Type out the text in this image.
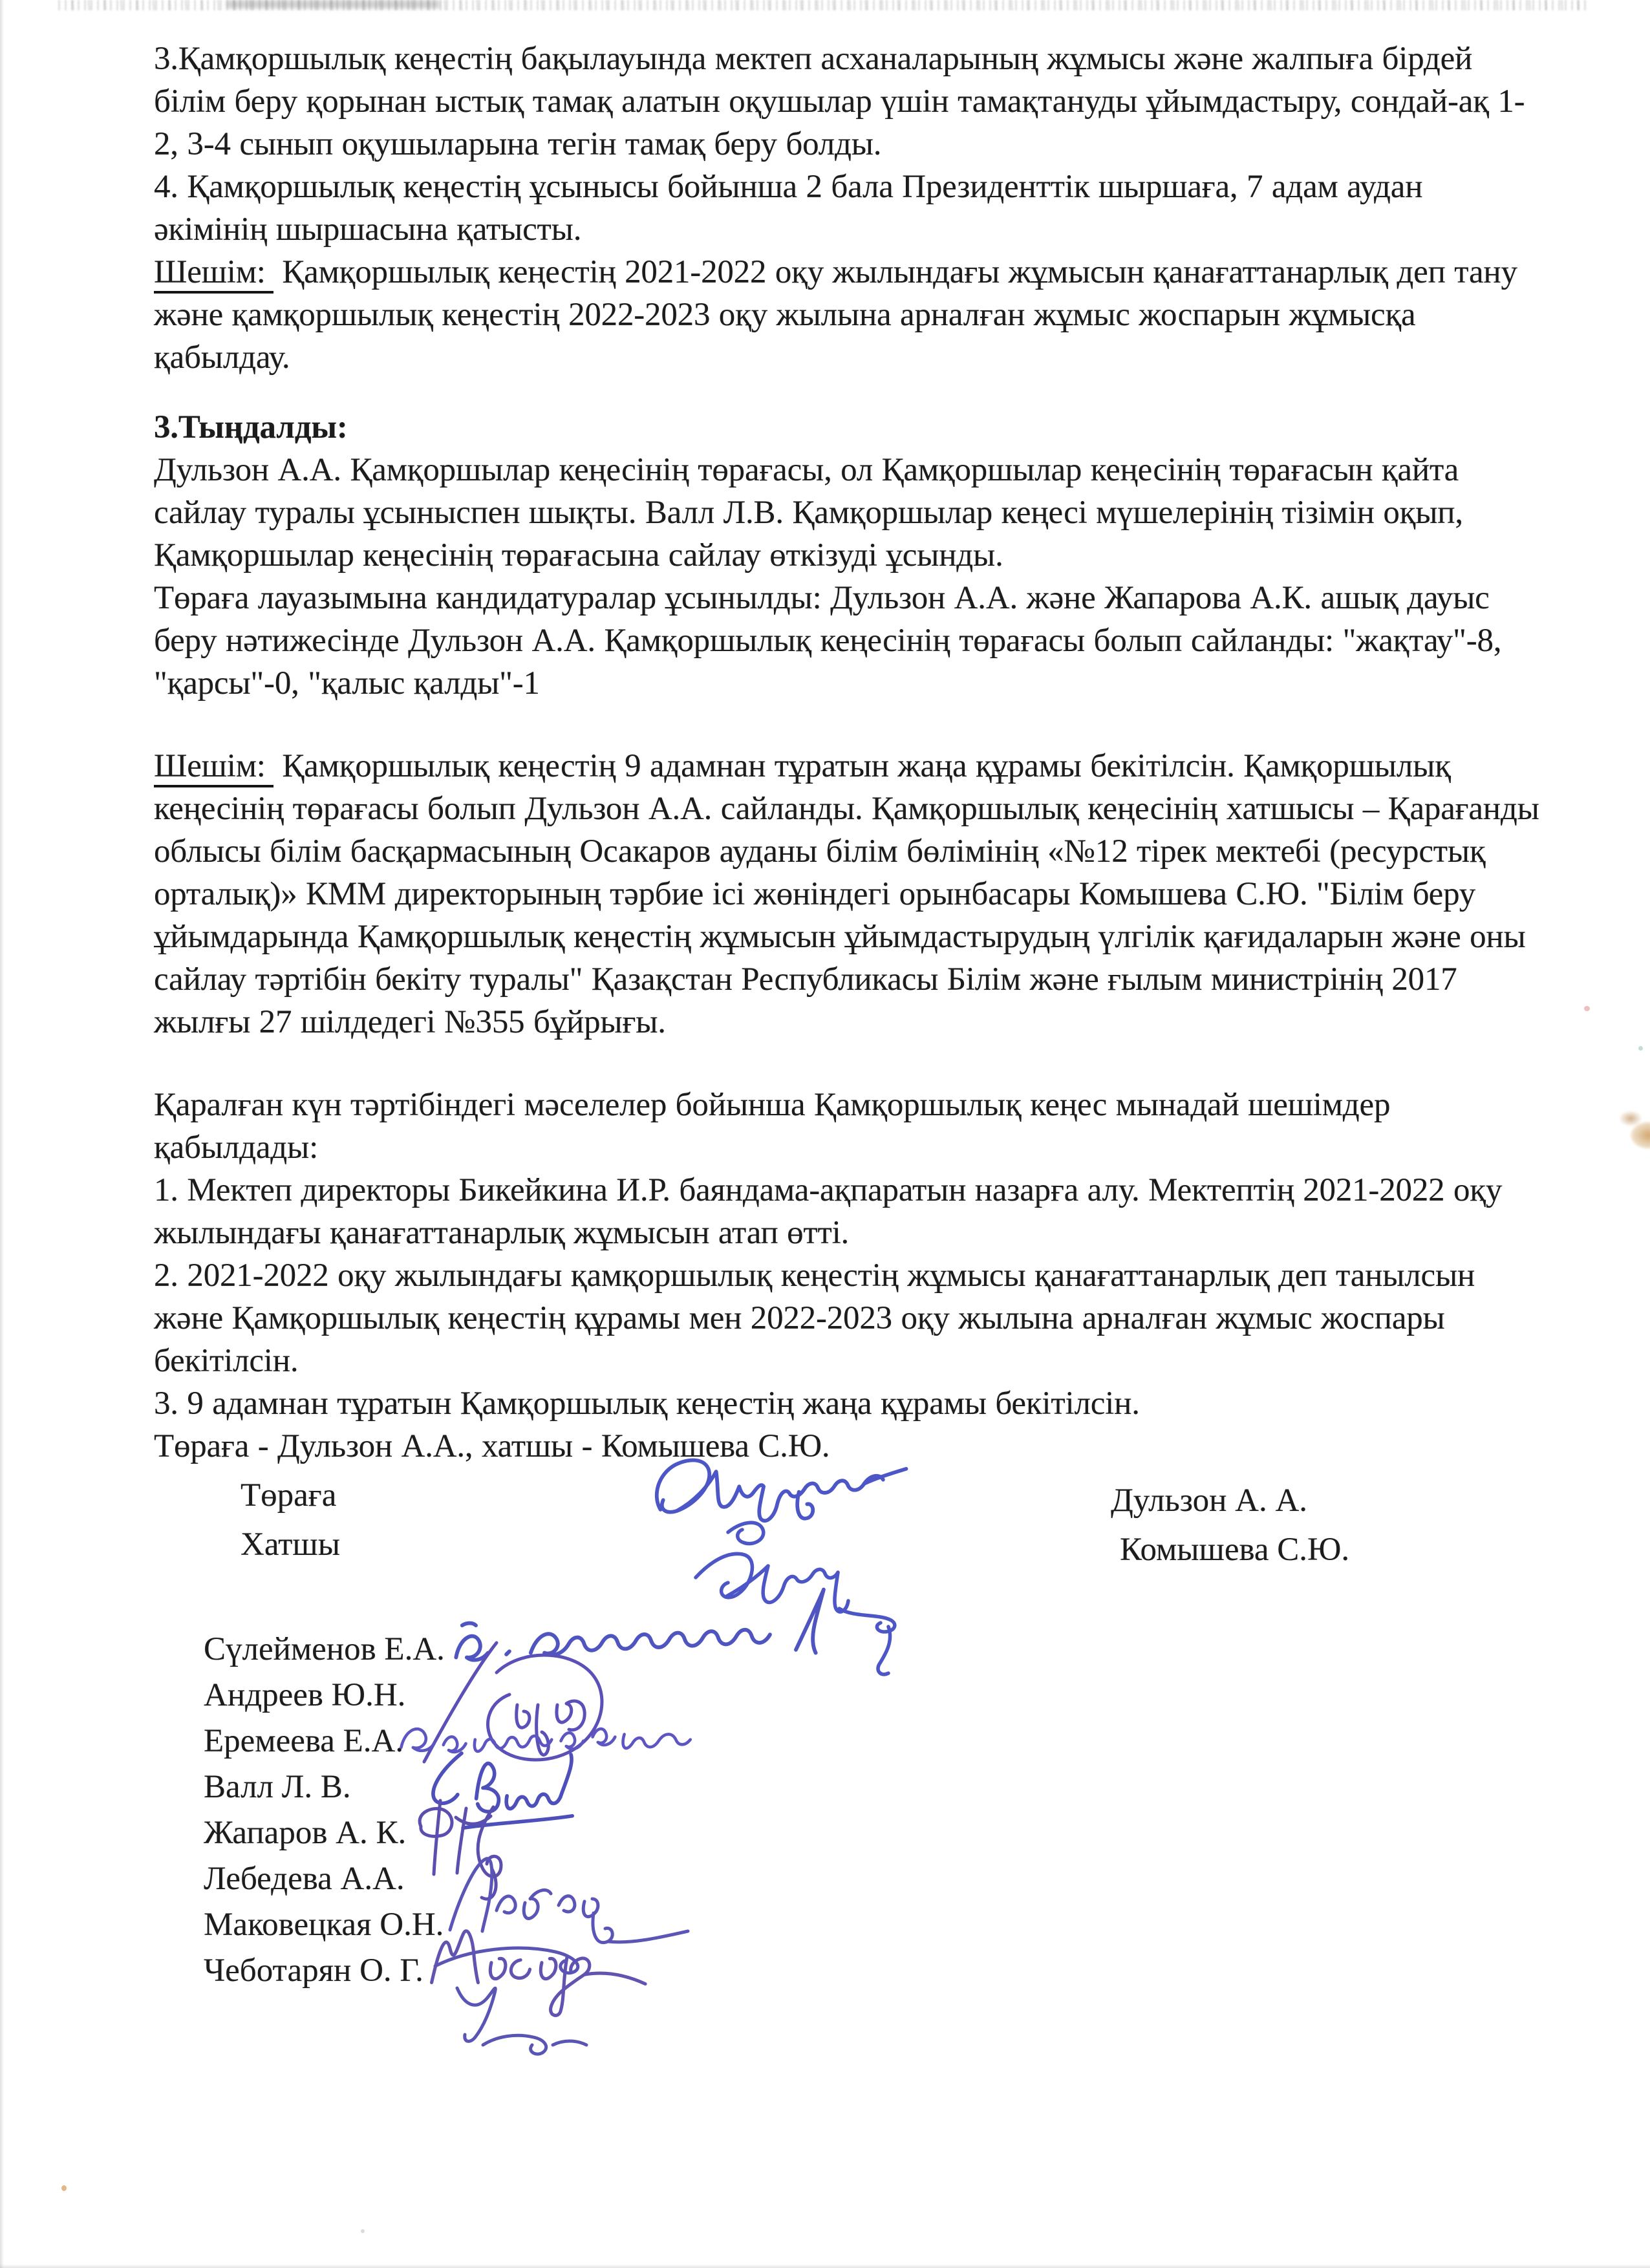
3.Қамқоршылық кеңестің бақылауында мектеп асханаларының жұмысы және жалпыға бірдей білім беру қорынан ыстық тамақ алатын оқушылар үшін тамақтануды ұйымдастыру, сондай-ақ 1-2, 3-4 сынып оқушыларына тегін тамақ беру болды.

4. Қамқоршылық кеңестің ұсынысы бойынша 2 бала Президенттік шыршаға, 7 адам аудан әкімінің шыршасына қатысты.

Шешім: Қамқоршылық кеңестің 2021-2022 оқу жылындағы жұмысын қанағаттанарлық деп тану және қамқоршылық кеңестің 2022-2023 оқу жылына арналған жұмыс жоспарын жұмысқа қабылдау.

3.Тыңдалды:

Дульзон А.А. Қамқоршылар кеңесінің төрағасы, ол Қамқоршылар кеңесінің төрағасын қайта сайлау туралы ұсыныспен шықты. Валл Л.В. Қамқоршылар кеңесі мүшелерінің тізімін оқып, Қамқоршылар кеңесінің төрағасына сайлау өткізуді ұсынды.

Төраға лауазымына кандидатуралар ұсынылды: Дульзон А.А. және Жапарова А.К. ашық дауыс беру нәтижесінде Дульзон А.А. Қамқоршылық кеңесінің төрағасы болып сайланды: "жақтау"-8, "қарсы"-0, "қалыс қалды"-1

Шешім: Қамқоршылық кеңестің 9 адамнан тұратын жаңа құрамы бекітілсін. Қамқоршылық кеңесінің төрағасы болып Дульзон А.А. сайланды. Қамқоршылық кеңесінің хатшысы – Қарағанды облысы білім басқармасының Осакаров ауданы білім бөлімінің «№12 тірек мектебі (ресурстық орталық)» КММ директорының тәрбие ісі жөніндегі орынбасары Комышева С.Ю. "Білім беру ұйымдарында Қамқоршылық кеңестің жұмысын ұйымдастырудың үлгілік қағидаларын және оны сайлау тәртібін бекіту туралы" Қазақстан Республикасы Білім және ғылым министрінің 2017 жылғы 27 шілдедегі №355 бұйрығы.

Қаралған күн тәртібіндегі мәселелер бойынша Қамқоршылық кеңес мынадай шешімдер қабылдады:

1. Мектеп директоры Бикейкина И.Р. баяндама-ақпаратын назарға алу. Мектептің 2021-2022 оқу жылындағы қанағаттанарлық жұмысын атап өтті.

2. 2021-2022 оқу жылындағы қамқоршылық кеңестің жұмысы қанағаттанарлық деп танылсын және Қамқоршылық кеңестің құрамы мен 2022-2023 оқу жылына арналған жұмыс жоспары бекітілсін.

3. 9 адамнан тұратын Қамқоршылық кеңестің жаңа құрамы бекітілсін.

Төраға - Дульзон А.А., хатшы - Комышева С.Ю.

Төраға

Хатшы

Дульзон А. А.

Комышева С.Ю.

Сүлейменов Е.А.

Андреев Ю.Н.

Еремеева Е.А.

Валл Л. В.

Жапаров А. К.

Лебедева А.А.

Маковецкая О.Н.

Чеботарян О. Г.
